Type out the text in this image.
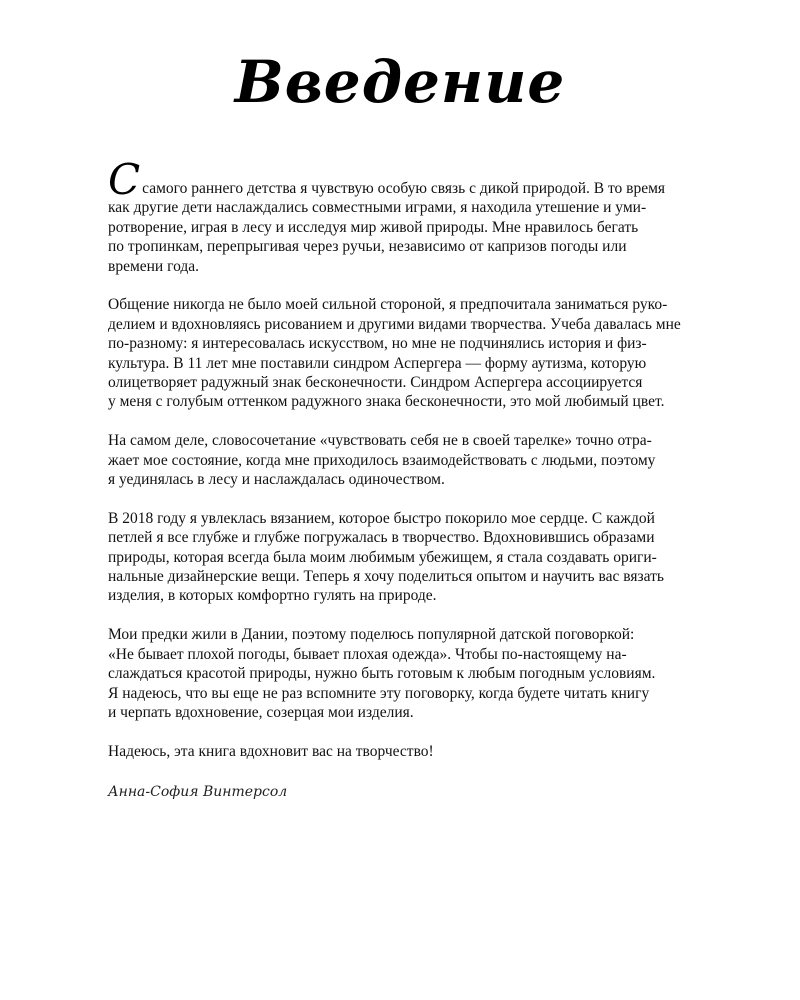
Введение

С самого раннего детства я чувствую особую связь с дикой природой. В то время
как другие дети наслаждались совместными играми, я находила утешение и уми-
ротворение, играя в лесу и исследуя мир живой природы. Мне нравилось бегать
по тропинкам, перепрыгивая через ручьи, независимо от капризов погоды или
времени года.

Общение никогда не было моей сильной стороной, я предпочитала заниматься руко-
делием и вдохновляясь рисованием и другими видами творчества. Учеба давалась мне
по-разному: я интересовалась искусством, но мне не подчинялись история и физ-
культура. В 11 лет мне поставили синдром Аспергера — форму аутизма, которую
олицетворяет радужный знак бесконечности. Синдром Аспергера ассоциируется
у меня с голубым оттенком радужного знака бесконечности, это мой любимый цвет.

На самом деле, словосочетание «чувствовать себя не в своей тарелке» точно отра-
жает мое состояние, когда мне приходилось взаимодействовать с людьми, поэтому
я уединялась в лесу и наслаждалась одиночеством.

В 2018 году я увлеклась вязанием, которое быстро покорило мое сердце. С каждой
петлей я все глубже и глубже погружалась в творчество. Вдохновившись образами
природы, которая всегда была моим любимым убежищем, я стала создавать ориги-
нальные дизайнерские вещи. Теперь я хочу поделиться опытом и научить вас вязать
изделия, в которых комфортно гулять на природе.

Мои предки жили в Дании, поэтому поделюсь популярной датской поговоркой:
«Не бывает плохой погоды, бывает плохая одежда». Чтобы по-настоящему на-
слаждаться красотой природы, нужно быть готовым к любым погодным условиям.
Я надеюсь, что вы еще не раз вспомните эту поговорку, когда будете читать книгу
и черпать вдохновение, созерцая мои изделия.

Надеюсь, эта книга вдохновит вас на творчество!

Анна-София Винтерсол
